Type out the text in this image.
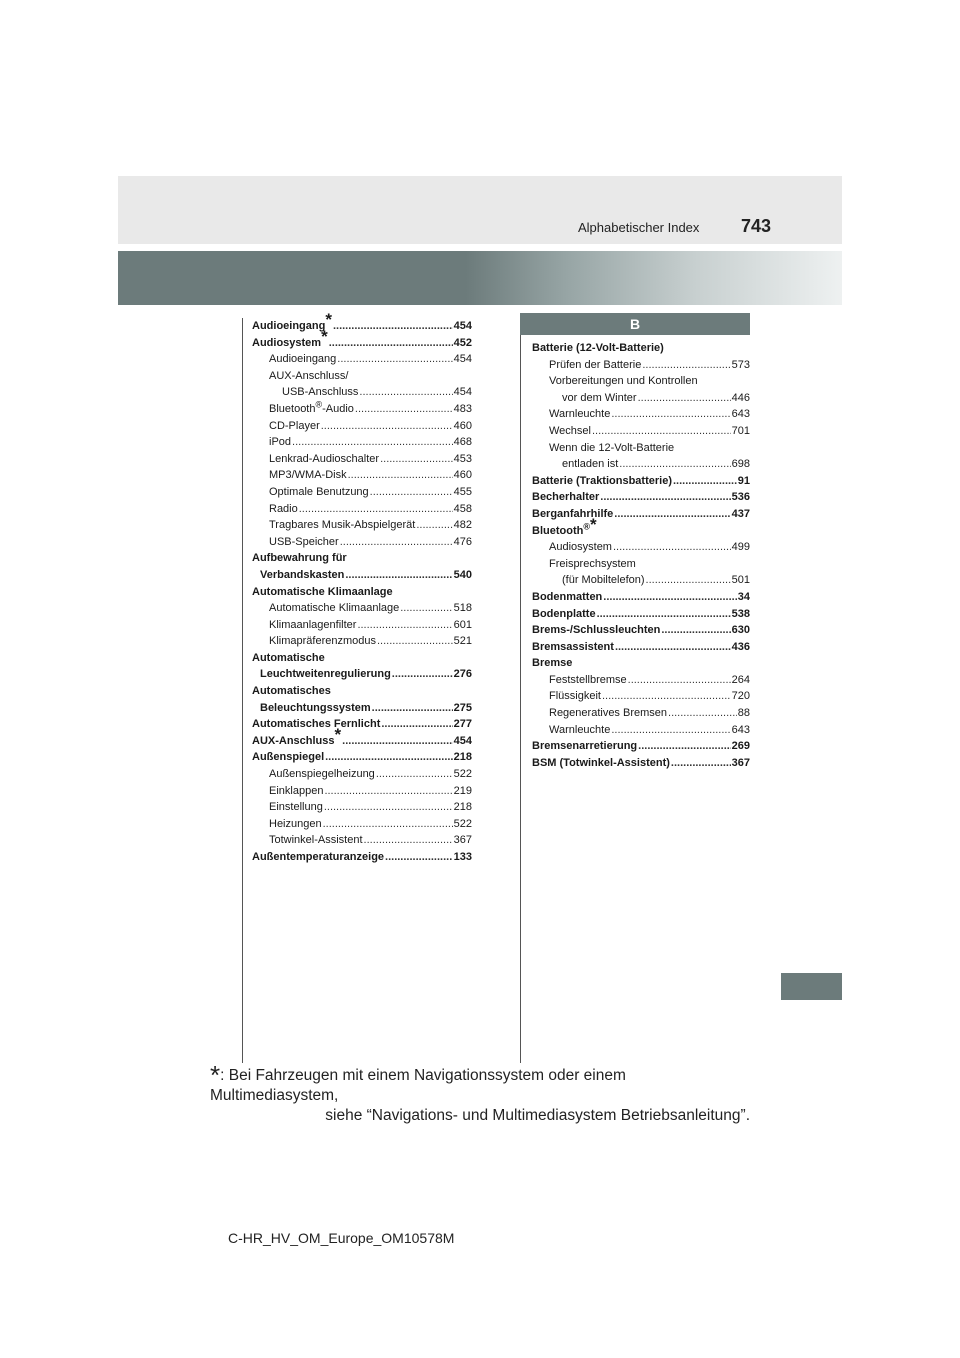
Alphabetischer Index 743
Audioeingang* .....	454
Audiosystem* .....	452
Audioeingang .....	454
AUX-Anschluss/
USB-Anschluss .....	454
Bluetooth®-Audio .....	483
CD-Player .....	460
iPod .....	468
Lenkrad-Audioschalter .....	453
MP3/WMA-Disk .....	460
Optimale Benutzung .....	455
Radio .....	458
Tragbares Musik-Abspielgerät .....	482
USB-Speicher .....	476
Aufbewahrung für
Verbandskasten .....	540
Automatische Klimaanlage
Automatische Klimaanlage .....	518
Klimaanlagenfilter .....	601
Klimapräferenzmodus .....	521
Automatische
Leuchtweitenregulierung .....	276
Automatisches
Beleuchtungssystem .....	275
Automatisches Fernlicht .....	277
AUX-Anschluss* .....	454
Außenspiegel .....	218
Außenspiegelheizung .....	522
Einklappen .....	219
Einstellung .....	218
Heizungen .....	522
Totwinkel-Assistent .....	367
Außentemperaturanzeige .....	133
B
Batterie (12-Volt-Batterie)
Prüfen der Batterie .....	573
Vorbereitungen und Kontrollen
vor dem Winter .....	446
Warnleuchte .....	643
Wechsel .....	701
Wenn die 12-Volt-Batterie
entladen ist .....	698
Batterie (Traktionsbatterie) .....	91
Becherhalter .....	536
Berganfahrhilfe .....	437
Bluetooth®*
Audiosystem .....	499
Freisprechsystem
(für Mobiltelefon) .....	501
Bodenmatten .....	34
Bodenplatte .....	538
Brems-/Schlussleuchten .....	630
Bremsassistent .....	436
Bremse
Feststellbremse .....	264
Flüssigkeit .....	720
Regeneratives Bremsen .....	88
Warnleuchte .....	643
Bremsenarretierung .....	269
BSM (Totwinkel-Assistent) .....	367
*: Bei Fahrzeugen mit einem Navigationssystem oder einem Multimediasystem,
siehe “Navigations- und Multimediasystem Betriebsanleitung”.
C-HR_HV_OM_Europe_OM10578M
